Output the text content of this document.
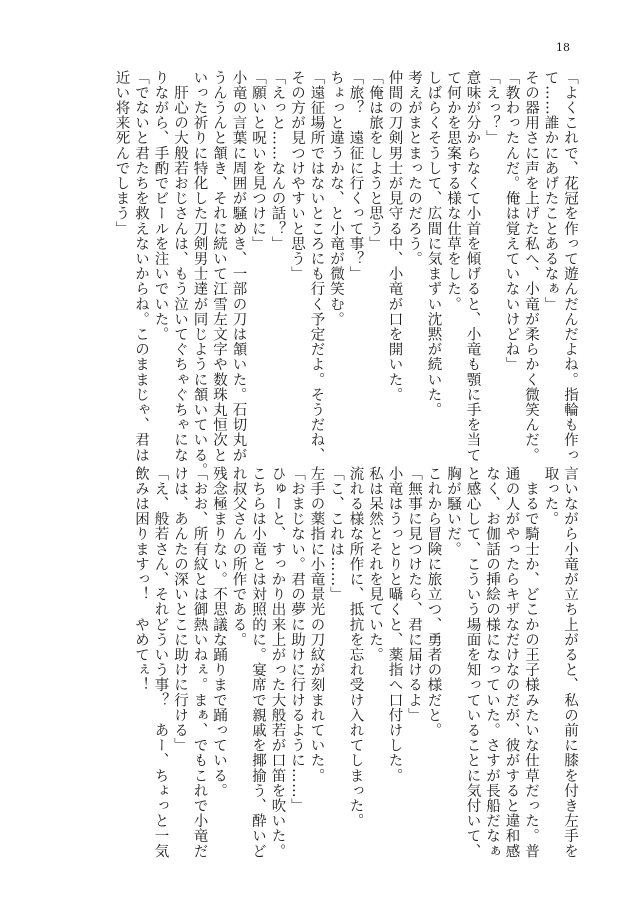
18
「よくこれで、花冠を作って遊んだんだよね。指輪も作っ
て……誰かにあげたことあるなぁ」
その器用さに声を上げた私へ、小竜が柔らかく微笑んだ。
「教わったんだ。俺は覚えていないけどね」
「えっ？」
意味が分からなくて小首を傾げると、小竜も顎に手を当て
て何かを思案する様な仕草をした。
しばらくそうして、広間に気まずい沈黙が続いた。
考えがまとまったのだろう。
仲間の刀剣男士が見守る中、小竜が口を開いた。
「俺は旅をしようと思う」
「旅？　遠征に行くって事？」
ちょっと違うかな、と小竜が微笑む。
「遠征場所ではないところにも行く予定だよ。そうだね、
その方が見つけやすいと思う」
「えっと……なんの話？」
「願いと呪いを見つけに」
小竜の言葉に周囲が騒めき、一部の刀は頷いた。石切丸が
うんうんと頷き、それに続いて江雪左文字や数珠丸恒次と
いった祈りに特化した刀剣男士達が同じように頷いている。
　肝心の大般若おじさんは、もう泣いてぐちゃぐちゃにな
りながら、手酌でビールを注いでいた。
「でないと君たちを救えないからね。このままじゃ、君は
近い将来死んでしまう」
言いながら小竜が立ち上がると、私の前に膝を付き左手を
取った。
　まるで騎士か、どこかの王子様みたいな仕草だった。普
通の人がやったらキザなだけなのだが、彼がすると違和感
なく、お伽話の挿絵の様になっていた。さすが長船だなぁ
と感心して、こういう場面を知っていることに気付いて、
胸が騒いだ。
これから冒険に旅立つ、勇者の様だと。
「無事に見つけたら、君に届けるよ」
小竜はうっとりと囁くと、薬指へ口付けした。
私は呆然とそれを見ていた。
流れる様な所作に、抵抗を忘れ受け入れてしまった。
「こ、これは……」
左手の薬指に小竜景光の刀紋が刻まれていた。
「おまじない。君の夢に助けに行けるように……」
ひゅーと、すっかり出来上がった大般若が口笛を吹いた。
こちらは小竜とは対照的に。宴席で親戚を揶揄う、酔いど
れ叔父さんの所作である。
残念極まりない。不思議な踊りまで踊っている。
「おお、所有紋とは御熱いねぇ。まぁ、でもこれで小竜だ
けは、あんたの深いとこに助けに行ける」
「え、般若さん、それどういう事？　あー、ちょっと一気
飲みは困りますっ！　やめてぇ！
